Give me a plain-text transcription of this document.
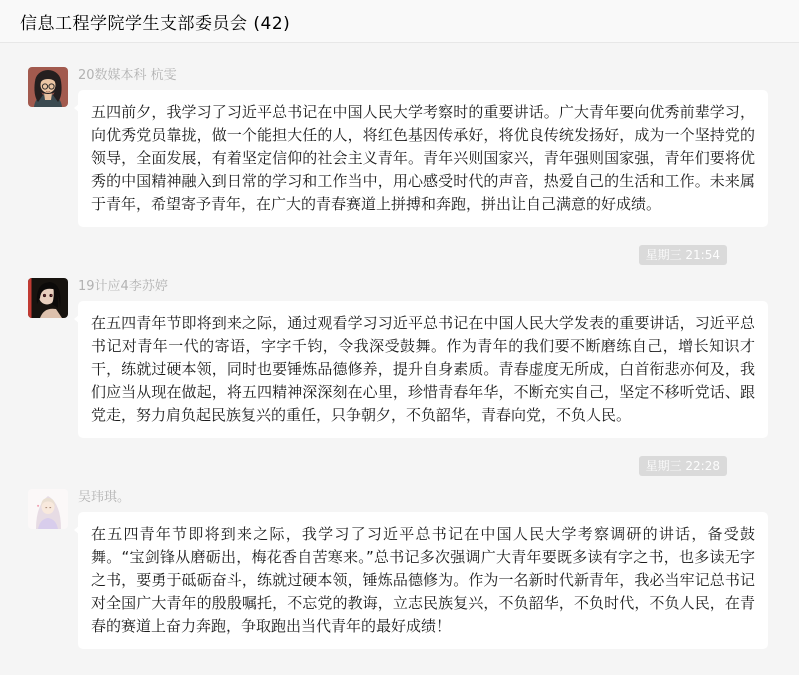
信息工程学院学生支部委员会 (42)
20数媒本科 杭雯
五四前夕，我学习了习近平总书记在中国人民大学考察时的重要讲话。广大青年要向优秀前辈学习，向优秀党员靠拢，做一个能担大任的人，将红色基因传承好，将优良传统发扬好，成为一个坚持党的领导，全面发展，有着坚定信仰的社会主义青年。青年兴则国家兴，青年强则国家强，青年们要将优秀的中国精神融入到日常的学习和工作当中，用心感受时代的声音，热爱自己的生活和工作。未来属于青年，希望寄予青年，在广大的青春赛道上拼搏和奔跑，拼出让自己满意的好成绩。
星期三 21:54
19计应4李苏婷
在五四青年节即将到来之际，通过观看学习习近平总书记在中国人民大学发表的重要讲话，习近平总书记对青年一代的寄语，字字千钧，令我深受鼓舞。作为青年的我们要不断磨练自己，增长知识才干，练就过硬本领，同时也要锤炼品德修养，提升自身素质。青春虚度无所成，白首衔悲亦何及，我们应当从现在做起，将五四精神深深刻在心里，珍惜青春年华，不断充实自己，坚定不移听党话、跟党走，努力肩负起民族复兴的重任，只争朝夕，不负韶华，青春向党，不负人民。
星期三 22:28
吴玮琪。
在五四青年节即将到来之际，我学习了习近平总书记在中国人民大学考察调研的讲话，备受鼓舞。“宝剑锋从磨砺出，梅花香自苦寒来。”总书记多次强调广大青年要既多读有字之书，也多读无字之书，要勇于砥砺奋斗，练就过硬本领，锤炼品德修为。作为一名新时代新青年，我必当牢记总书记对全国广大青年的殷殷嘱托，不忘党的教诲，立志民族复兴，不负韶华，不负时代，不负人民，在青春的赛道上奋力奔跑，争取跑出当代青年的最好成绩！
